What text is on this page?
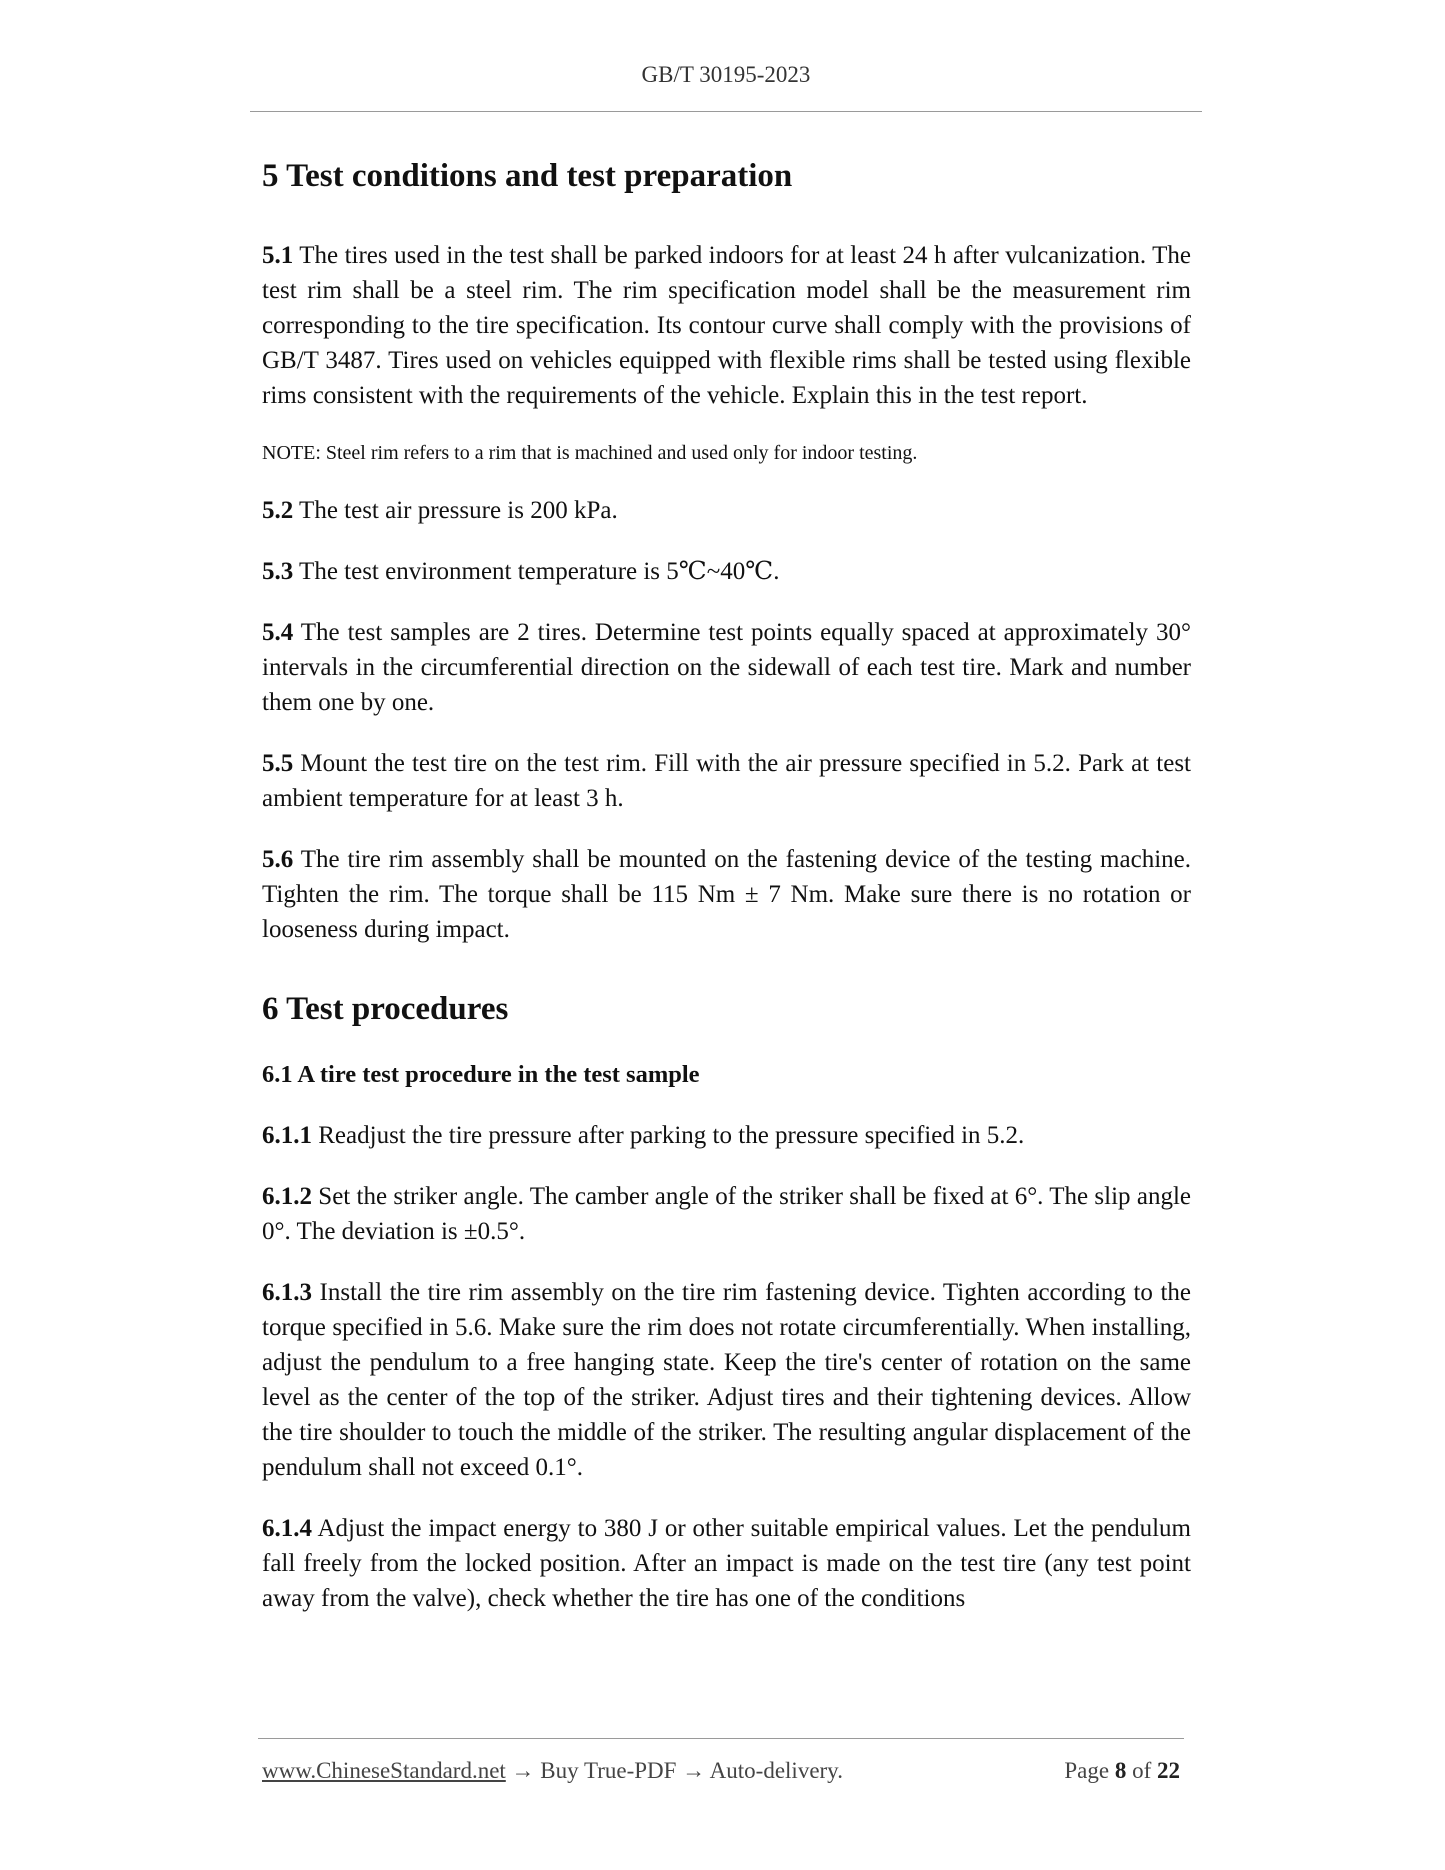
GB/T 30195-2023
5 Test conditions and test preparation

5.1 The tires used in the test shall be parked indoors for at least 24 h after vulcanization. The test rim shall be a steel rim. The rim specification model shall be the measurement rim corresponding to the tire specification. Its contour curve shall comply with the provisions of GB/T 3487. Tires used on vehicles equipped with flexible rims shall be tested using flexible rims consistent with the requirements of the vehicle. Explain this in the test report.

NOTE: Steel rim refers to a rim that is machined and used only for indoor testing.

5.2 The test air pressure is 200 kPa.

5.3 The test environment temperature is 5℃~40℃.

5.4 The test samples are 2 tires. Determine test points equally spaced at approximately 30° intervals in the circumferential direction on the sidewall of each test tire. Mark and number them one by one.

5.5 Mount the test tire on the test rim. Fill with the air pressure specified in 5.2. Park at test ambient temperature for at least 3 h.

5.6 The tire rim assembly shall be mounted on the fastening device of the testing machine. Tighten the rim. The torque shall be 115 Nm ± 7 Nm. Make sure there is no rotation or looseness during impact.

6 Test procedures
6.1 A tire test procedure in the test sample

6.1.1 Readjust the tire pressure after parking to the pressure specified in 5.2.

6.1.2 Set the striker angle. The camber angle of the striker shall be fixed at 6°. The slip angle 0°. The deviation is ±0.5°.

6.1.3 Install the tire rim assembly on the tire rim fastening device. Tighten according to the torque specified in 5.6. Make sure the rim does not rotate circumferentially. When installing, adjust the pendulum to a free hanging state. Keep the tire's center of rotation on the same level as the center of the top of the striker. Adjust tires and their tightening devices. Allow the tire shoulder to touch the middle of the striker. The resulting angular displacement of the pendulum shall not exceed 0.1°.

6.1.4 Adjust the impact energy to 380 J or other suitable empirical values. Let the pendulum fall freely from the locked position. After an impact is made on the test tire (any test point away from the valve), check whether the tire has one of the conditions

www.ChineseStandard.net → Buy True-PDF → Auto-delivery.	Page 8 of 22
